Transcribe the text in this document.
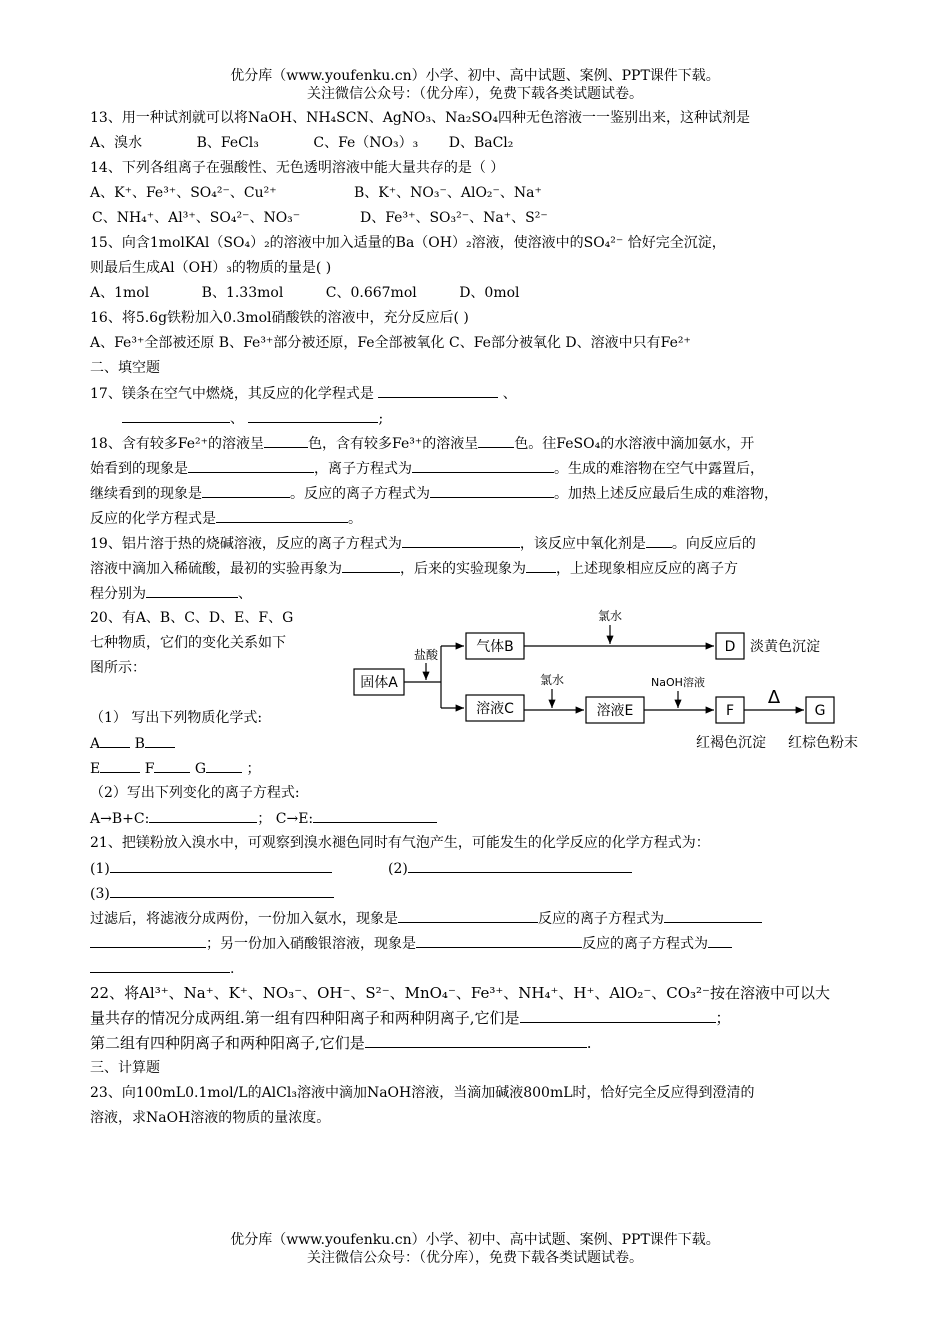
优分库（www.youfenku.cn）小学、初中、高中试题、案例、PPT课件下载。
关注微信公众号：（优分库），免费下载各类试题试卷。
13、用一种试剂就可以将NaOH、NH₄SCN、AgNO₃、Na₂SO₄四种无色溶液一一鉴别出来，这种试剂是
A、溴水	B、FeCl₃	C、Fe（NO₃）₃ D、BaCl₂
14、下列各组离子在强酸性、无色透明溶液中能大量共存的是（ ）
A、K⁺、Fe³⁺、SO₄²⁻、Cu²⁺	B、K⁺、NO₃⁻、AlO₂⁻、Na⁺
C、NH₄⁺、Al³⁺、SO₄²⁻、NO₃⁻	D、Fe³⁺、SO₃²⁻、Na⁺、S²⁻
15、向含1molKAl（SO₄）₂的溶液中加入适量的Ba（OH）₂溶液，使溶液中的SO₄²⁻ 恰好完全沉淀，
则最后生成Al（OH）₃的物质的量是( )
A、1mol	B、1.33mol	C、0.667mol	D、0mol
16、将5.6g铁粉加入0.3mol硝酸铁的溶液中，充分反应后( )
A、Fe³⁺全部被还原 B、Fe³⁺部分被还原，Fe全部被氧化 C、Fe部分被氧化 D、溶液中只有Fe²⁺
二、填空题
17、镁条在空气中燃烧，其反应的化学程式是	、
、	;
18、含有较多Fe²⁺的溶液呈	色，含有较多Fe³⁺的溶液呈	色。往FeSO₄的水溶液中滴加氨水，开
始看到的现象是	，离子方程式为	。生成的难溶物在空气中露置后，
继续看到的现象是	。反应的离子方程式为	。加热上述反应最后生成的难溶物，
反应的化学方程式是	。
19、铝片溶于热的烧碱溶液，反应的离子方程式为	，该反应中氧化剂是 。向反应后的
溶液中滴加入稀硫酸，最初的实验再象为	，后来的实验现象为 ，上述现象相应反应的离子方
程分别为	、
20、有A、B、C、D、E、F、G
七种物质，它们的变化关系如下
图所示：
（1） 写出下列物质化学式:
A B
E	F	G	；
（2）写出下列变化的离子方程式:
A→B+C:	； C→E:
固体A
盐酸	气体B
氯水
D 淡黄色沉淀
溶液C
氯水
溶液E
NaOH溶液
F
Δ
G
红褐色沉淀 红棕色粉末
21、把镁粉放入溴水中，可观察到溴水褪色同时有气泡产生，可能发生的化学反应的化学方程式为：
(1)	(2)
(3)
过滤后，将滤液分成两份，一份加入氨水，现象是	反应的离子方程式为
；另一份加入硝酸银溶液，现象是	反应的离子方程式为
.
22、将Al³⁺、Na⁺、K⁺、NO₃⁻、OH⁻、S²⁻、MnO₄⁻、Fe³⁺、NH₄⁺、H⁺、AlO₂⁻、CO₃²⁻按在溶液中可以大
量共存的情况分成两组.第一组有四种阳离子和两种阴离子,它们是	；
第二组有四种阴离子和两种阳离子,它们是	.
三、计算题
23、向100mL0.1mol/L的AlCl₃溶液中滴加NaOH溶液，当滴加碱液800mL时，恰好完全反应得到澄清的
溶液，求NaOH溶液的物质的量浓度。
优分库（www.youfenku.cn）小学、初中、高中试题、案例、PPT课件下载。
关注微信公众号：（优分库），免费下载各类试题试卷。
